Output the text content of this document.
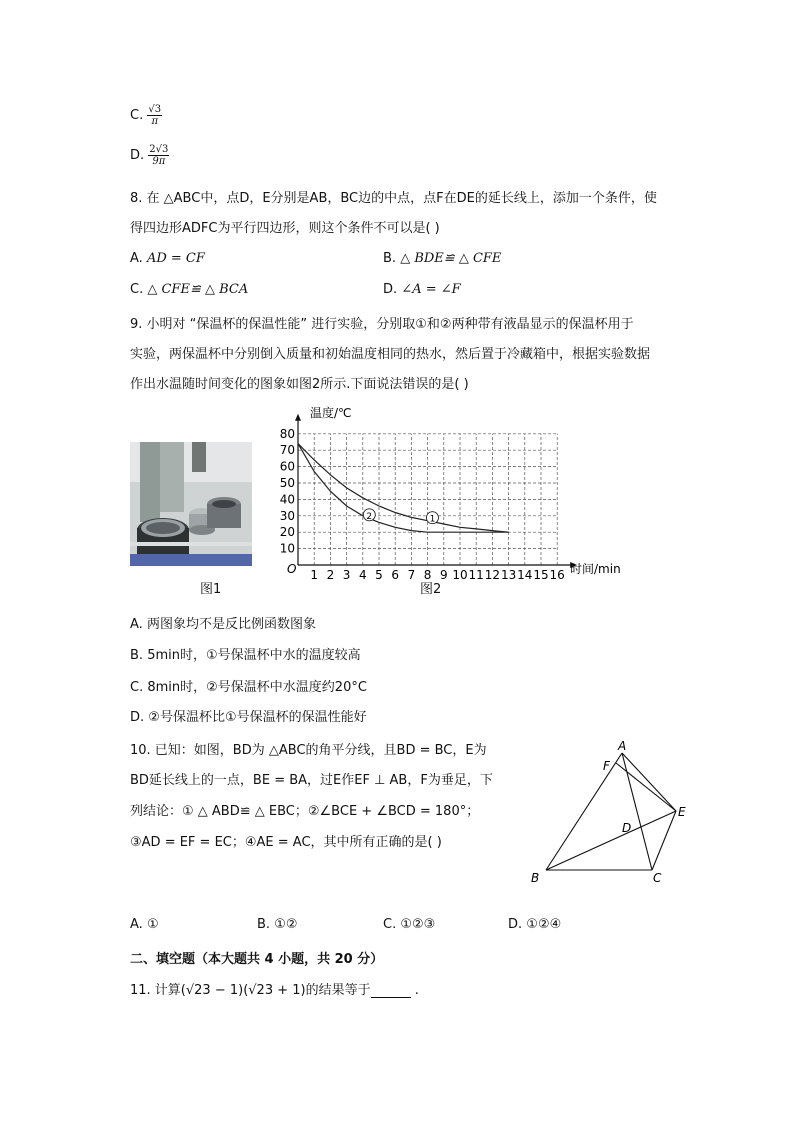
C. $\frac{√3}{\pi}$
D. $\frac{2√3}{9\pi}$
8. 在 △ABC中，点D，E分别是AB，BC边的中点，点F在DE的延长线上，添加一个条件，使
得四边形ADFC为平行四边形，则这个条件不可以是( )
A. AD = CF	B. △ BDE≌ △ CFE
C. △ CFE≌ △ BCA	D. ∠A = ∠F
9. 小明对 “保温杯的保温性能” 进行实验，分别取①和②两种带有液晶显示的保温杯用于
实验，两保温杯中分别倒入质量和初始温度相同的热水，然后置于冷藏箱中，根据实验数据
作出水温随时间变化的图象如图2所示.下面说法错误的是( )
图1
1 2 3 4 5 6 7 8 9 10 11 12 13 14 15 16
10
20
30
40
50
60
70
80
1
2
温度/℃
时间/min
O
图2
A. 两图象均不是反比例函数图象
B. 5min时，①号保温杯中水的温度较高
C. 8min时，②号保温杯中水温度约20°C
D. ②号保温杯比①号保温杯的保温性能好
10. 已知：如图，BD为 △ABC的角平分线，且BD = BC，E为
BD延长线上的一点，BE = BA，过E作EF ⊥ AB，F为垂足，下
列结论：① △ ABD≌ △ EBC；②∠BCE + ∠BCD = 180°；
③AD = EF = EC；④AE = AC，其中所有正确的是( )
A
B	C
D
E
F
A. ①	B. ①②	C. ①②③	D. ①②④
二、填空题（本大题共 4 小题，共 20 分）
11. 计算(√23 − 1)(√23 + 1)的结果等于	.
